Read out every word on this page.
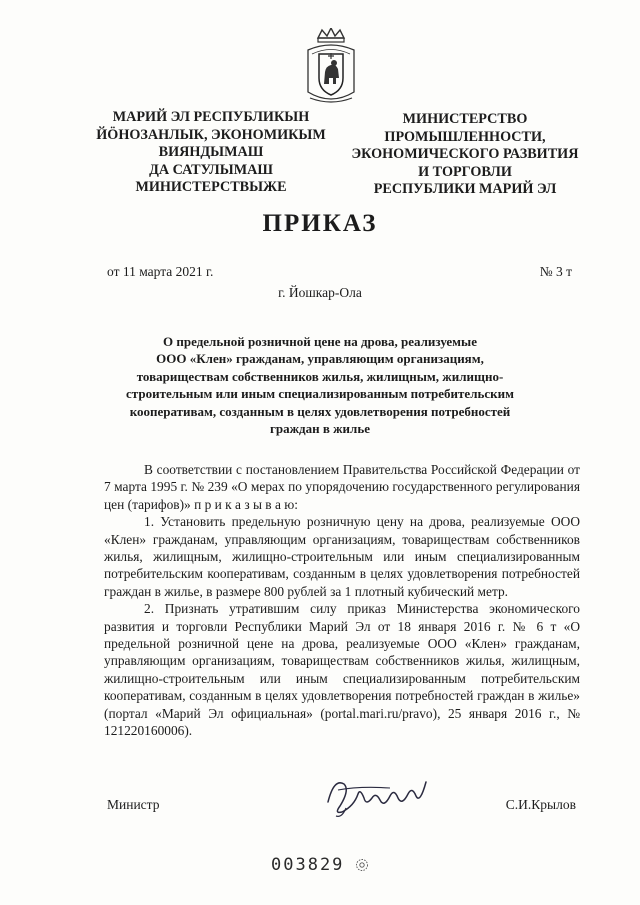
МАРИЙ ЭЛ РЕСПУБЛИКЫН
ЙӦНОЗАНЛЫК, ЭКОНОМИКЫМ
ВИЯНДЫМАШ
ДА САТУЛЫМАШ
МИНИСТЕРСТВЫЖЕ
МИНИСТЕРСТВО
ПРОМЫШЛЕННОСТИ,
ЭКОНОМИЧЕСКОГО РАЗВИТИЯ
И ТОРГОВЛИ
РЕСПУБЛИКИ МАРИЙ ЭЛ
ПРИКАЗ
от 11 марта 2021 г.	№ 3 т
г. Йошкар-Ола
О предельной розничной цене на дрова, реализуемые
ООО «Клен» гражданам, управляющим организациям,
товариществам собственников жилья, жилищным, жилищно-
строительным или иным специализированным потребительским
кооперативам, созданным в целях удовлетворения потребностей
граждан в жилье

В соответствии с постановлением Правительства Российской Федерации от 7 марта 1995 г. № 239 «О мерах по упорядочению государственного регулирования цен (тарифов)» п р и к а з ы в а ю:

1. Установить предельную розничную цену на дрова, реализуемые ООО «Клен» гражданам, управляющим организациям, товариществам собственников жилья, жилищным, жилищно-строительным или иным специализированным потребительским кооперативам, созданным в целях удовлетворения потребностей граждан в жилье, в размере 800 рублей за 1 плотный кубический метр.

2. Признать утратившим силу приказ Министерства экономического развития и торговли Республики Марий Эл от 18 января 2016 г. № 6 т «О предельной розничной цене на дрова, реализуемые ООО «Клен» гражданам, управляющим организациям, товариществам собственников жилья, жилищным, жилищно-строительным или иным специализированным потребительским кооперативам, созданным в целях удовлетворения потребностей граждан в жилье» (портал «Марий Эл официальная» (portal.mari.ru/pravo), 25 января 2016 г., № 121220160006).

Министр	С.И.Крылов
003829
